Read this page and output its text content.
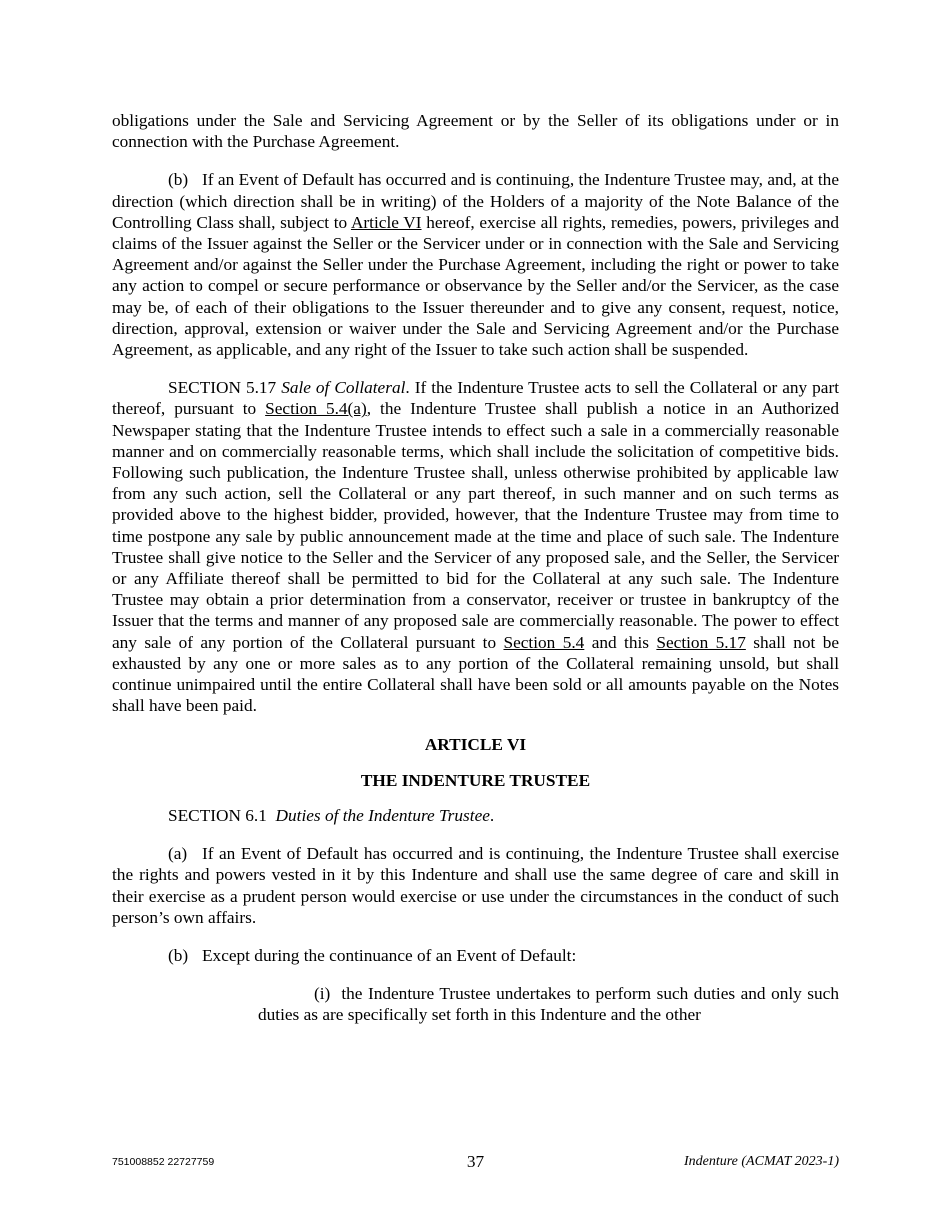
obligations under the Sale and Servicing Agreement or by the Seller of its obligations under or in connection with the Purchase Agreement.

(b) If an Event of Default has occurred and is continuing, the Indenture Trustee may, and, at the direction (which direction shall be in writing) of the Holders of a majority of the Note Balance of the Controlling Class shall, subject to Article VI hereof, exercise all rights, remedies, powers, privileges and claims of the Issuer against the Seller or the Servicer under or in connection with the Sale and Servicing Agreement and/or against the Seller under the Purchase Agreement, including the right or power to take any action to compel or secure performance or observance by the Seller and/or the Servicer, as the case may be, of each of their obligations to the Issuer thereunder and to give any consent, request, notice, direction, approval, extension or waiver under the Sale and Servicing Agreement and/or the Purchase Agreement, as applicable, and any right of the Issuer to take such action shall be suspended.

SECTION 5.17 Sale of Collateral. If the Indenture Trustee acts to sell the Collateral or any part thereof, pursuant to Section 5.4(a), the Indenture Trustee shall publish a notice in an Authorized Newspaper stating that the Indenture Trustee intends to effect such a sale in a commercially reasonable manner and on commercially reasonable terms, which shall include the solicitation of competitive bids. Following such publication, the Indenture Trustee shall, unless otherwise prohibited by applicable law from any such action, sell the Collateral or any part thereof, in such manner and on such terms as provided above to the highest bidder, provided, however, that the Indenture Trustee may from time to time postpone any sale by public announcement made at the time and place of such sale. The Indenture Trustee shall give notice to the Seller and the Servicer of any proposed sale, and the Seller, the Servicer or any Affiliate thereof shall be permitted to bid for the Collateral at any such sale. The Indenture Trustee may obtain a prior determination from a conservator, receiver or trustee in bankruptcy of the Issuer that the terms and manner of any proposed sale are commercially reasonable. The power to effect any sale of any portion of the Collateral pursuant to Section 5.4 and this Section 5.17 shall not be exhausted by any one or more sales as to any portion of the Collateral remaining unsold, but shall continue unimpaired until the entire Collateral shall have been sold or all amounts payable on the Notes shall have been paid.

ARTICLE VI

THE INDENTURE TRUSTEE

SECTION 6.1 Duties of the Indenture Trustee.

(a) If an Event of Default has occurred and is continuing, the Indenture Trustee shall exercise the rights and powers vested in it by this Indenture and shall use the same degree of care and skill in their exercise as a prudent person would exercise or use under the circumstances in the conduct of such person’s own affairs.

(b) Except during the continuance of an Event of Default:

(i) the Indenture Trustee undertakes to perform such duties and only such duties as are specifically set forth in this Indenture and the other

751008852 22727759	37	Indenture (ACMAT 2023-1)
